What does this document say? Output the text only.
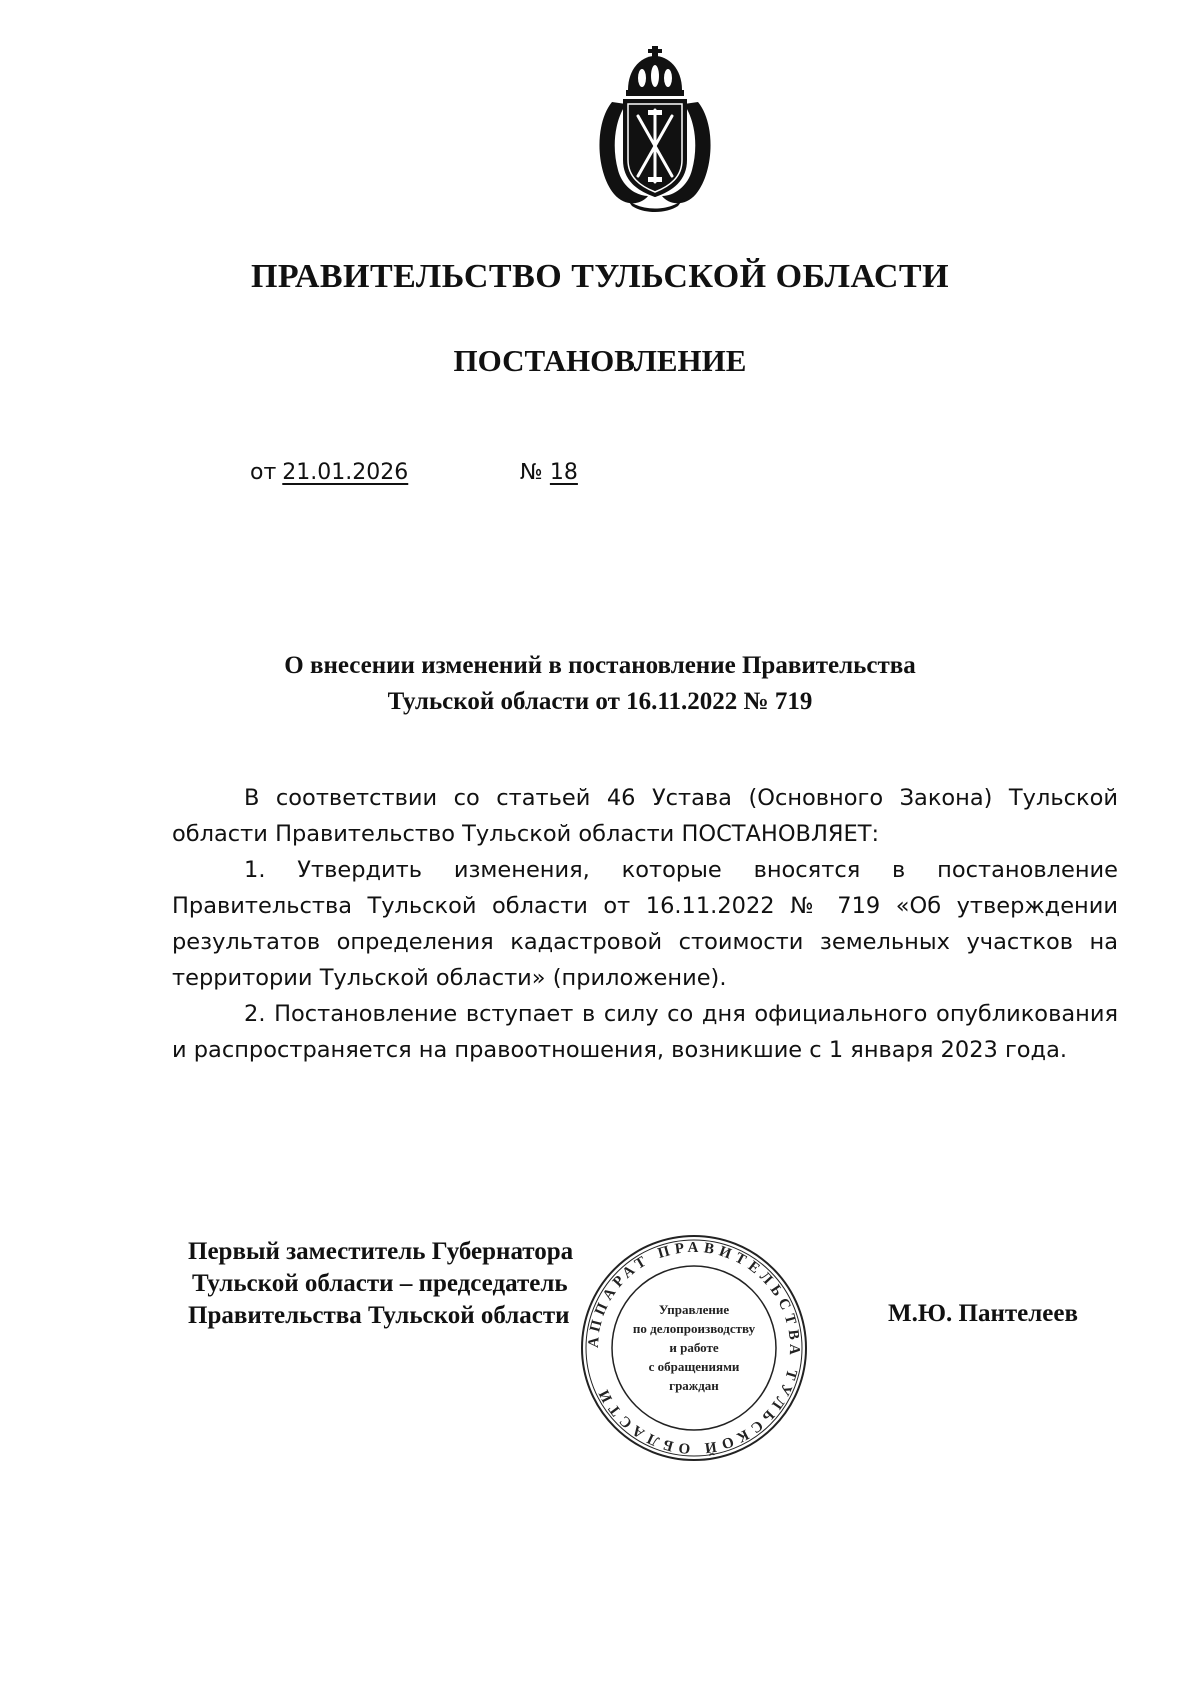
ПРАВИТЕЛЬСТВО ТУЛЬСКОЙ ОБЛАСТИ
ПОСТАНОВЛЕНИЕ
от 21.01.2026	№ 18
О внесении изменений в постановление Правительства
Тульской области от 16.11.2022 № 719

В соответствии со статьей 46 Устава (Основного Закона) Тульской области Правительство Тульской области ПОСТАНОВЛЯЕТ:

1. Утвердить изменения, которые вносятся в постановление Правительства Тульской области от 16.11.2022 № 719 «Об утверждении результатов определения кадастровой стоимости земельных участков на территории Тульской области» (приложение).

2. Постановление вступает в силу со дня официального опубликования и распространяется на правоотношения, возникшие с 1 января 2023 года.

Первый заместитель Губернатора
Тульской области – председатель
Правительства Тульской области	М.Ю. Пантелеев
АППАРАТ ПРАВИТЕЛЬСТВА ТУЛЬСКОЙ ОБЛАСТИ
Управление
по делопроизводству
и работе
с обращениями
граждан
